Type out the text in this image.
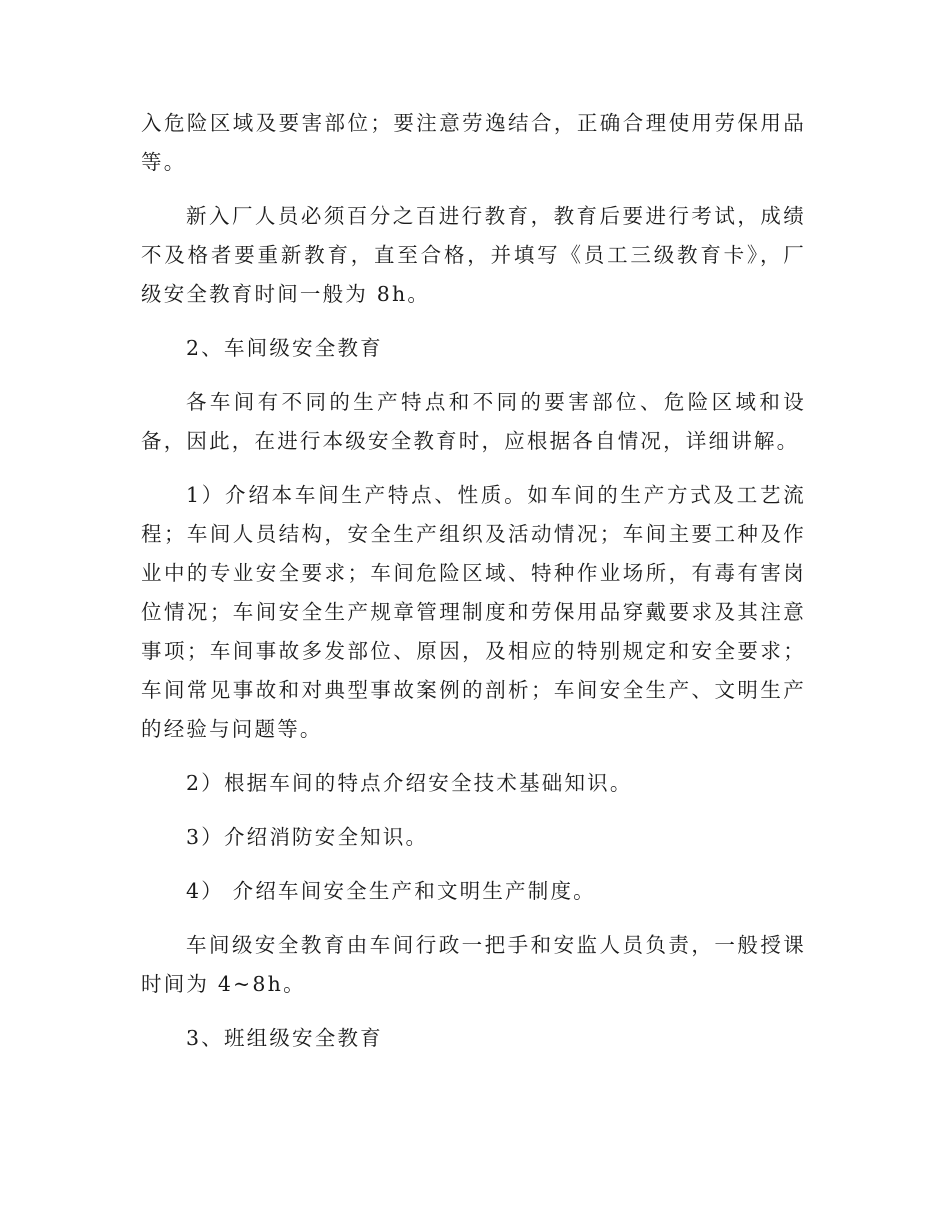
入危险区域及要害部位；要注意劳逸结合，正确合理使用劳保用品等。

新入厂人员必须百分之百进行教育，教育后要进行考试，成绩不及格者要重新教育，直至合格，并填写《员工三级教育卡》，厂级安全教育时间一般为 8h。

2、车间级安全教育

各车间有不同的生产特点和不同的要害部位、危险区域和设备，因此，在进行本级安全教育时，应根据各自情况，详细讲解。

1）介绍本车间生产特点、性质。如车间的生产方式及工艺流程；车间人员结构，安全生产组织及活动情况；车间主要工种及作业中的专业安全要求；车间危险区域、特种作业场所，有毒有害岗位情况；车间安全生产规章管理制度和劳保用品穿戴要求及其注意事项；车间事故多发部位、原因，及相应的特别规定和安全要求；车间常见事故和对典型事故案例的剖析；车间安全生产、文明生产的经验与问题等。

2）根据车间的特点介绍安全技术基础知识。

3）介绍消防安全知识。

4） 介绍车间安全生产和文明生产制度。

车间级安全教育由车间行政一把手和安监人员负责，一般授课时间为 4~8h。

3、班组级安全教育
